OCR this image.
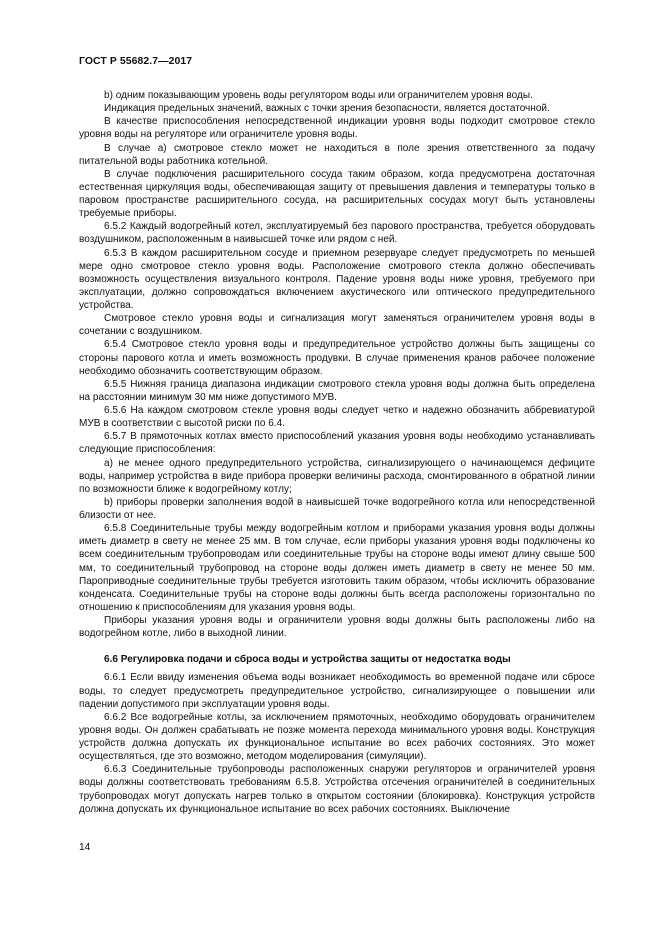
ГОСТ Р 55682.7—2017

b) одним показывающим уровень воды регулятором воды или ограничителем уровня воды.

Индикация предельных значений, важных с точки зрения безопасности, является достаточной.

В качестве приспособления непосредственной индикации уровня воды подходит смотровое стекло уровня воды на регуляторе или ограничителе уровня воды.

В случае а) смотровое стекло может не находиться в поле зрения ответственного за подачу питательной воды работника котельной.

В случае подключения расширительного сосуда таким образом, когда предусмотрена достаточная естественная циркуляция воды, обеспечивающая защиту от превышения давления и температуры только в паровом пространстве расширительного сосуда, на расширительных сосудах могут быть установлены требуемые приборы.

6.5.2 Каждый водогрейный котел, эксплуатируемый без парового пространства, требуется оборудовать воздушником, расположенным в наивысшей точке или рядом с ней.

6.5.3 В каждом расширительном сосуде и приемном резервуаре следует предусмотреть по меньшей мере одно смотровое стекло уровня воды. Расположение смотрового стекла должно обеспечивать возможность осуществления визуального контроля. Падение уровня воды ниже уровня, требуемого при эксплуатации, должно сопровождаться включением акустического или оптического предупредительного устройства.

Смотровое стекло уровня воды и сигнализация могут заменяться ограничителем уровня воды в сочетании с воздушником.

6.5.4 Смотровое стекло уровня воды и предупредительное устройство должны быть защищены со стороны парового котла и иметь возможность продувки. В случае применения кранов рабочее положение необходимо обозначить соответствующим образом.

6.5.5 Нижняя граница диапазона индикации смотрового стекла уровня воды должна быть определена на расстоянии минимум 30 мм ниже допустимого МУВ.

6.5.6 На каждом смотровом стекле уровня воды следует четко и надежно обозначить аббревиатурой МУВ в соответствии с высотой риски по 6.4.

6.5.7 В прямоточных котлах вместо приспособлений указания уровня воды необходимо устанавливать следующие приспособления:

а) не менее одного предупредительного устройства, сигнализирующего о начинающемся дефиците воды, например устройства в виде прибора проверки величины расхода, смонтированного в обратной линии по возможности ближе к водогрейному котлу;

b) приборы проверки заполнения водой в наивысшей точке водогрейного котла или непосредственной близости от нее.

6.5.8 Соединительные трубы между водогрейным котлом и приборами указания уровня воды должны иметь диаметр в свету не менее 25 мм. В том случае, если приборы указания уровня воды подключены ко всем соединительным трубопроводам или соединительные трубы на стороне воды имеют длину свыше 500 мм, то соединительный трубопровод на стороне воды должен иметь диаметр в свету не менее 50 мм. Пароприводные соединительные трубы требуется изготовить таким образом, чтобы исключить образование конденсата. Соединительные трубы на стороне воды должны быть всегда расположены горизонтально по отношению к приспособлениям для указания уровня воды.

Приборы указания уровня воды и ограничители уровня воды должны быть расположены либо на водогрейном котле, либо в выходной линии.

6.6 Регулировка подачи и сброса воды и устройства защиты от недостатка воды

6.6.1 Если ввиду изменения объема воды возникает необходимость во временной подаче или сбросе воды, то следует предусмотреть предупредительное устройство, сигнализирующее о повышении или падении допустимого при эксплуатации уровня воды.

6.6.2 Все водогрейные котлы, за исключением прямоточных, необходимо оборудовать ограничителем уровня воды. Он должен срабатывать не позже момента перехода минимального уровня воды. Конструкция устройств должна допускать их функциональное испытание во всех рабочих состояниях. Это может осуществляться, где это возможно, методом моделирования (симуляции).

6.6.3 Соединительные трубопроводы расположенных снаружи регуляторов и ограничителей уровня воды должны соответствовать требованиям 6.5.8. Устройства отсечения ограничителей в соединительных трубопроводах могут допускать нагрев только в открытом состоянии (блокировка). Конструкция устройств должна допускать их функциональное испытание во всех рабочих состояниях. Выключение

14
